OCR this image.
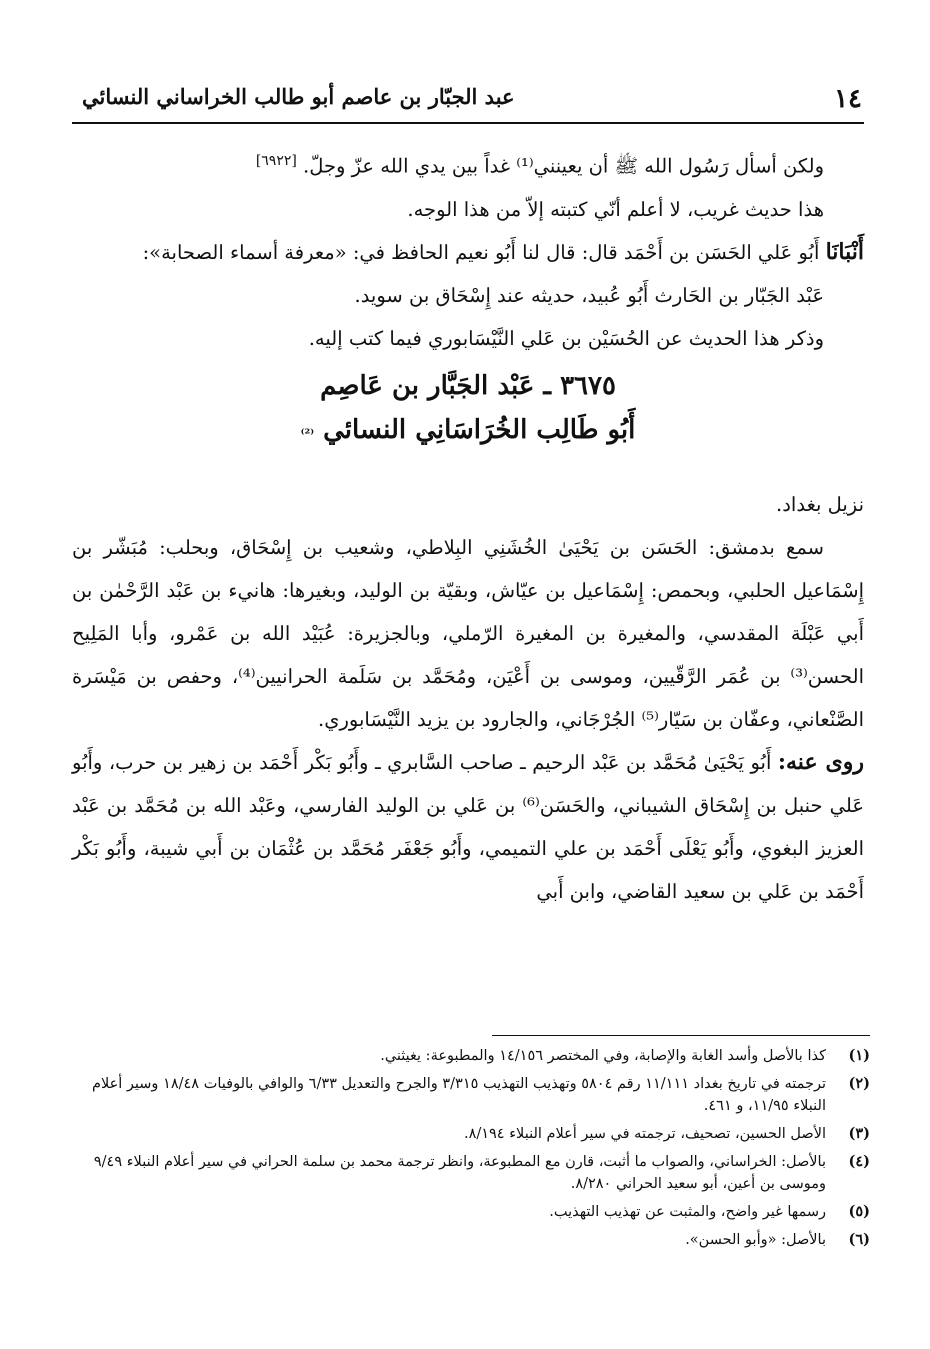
١٤
عبد الجبّار بن عاصم أبو طالب الخراساني النسائي

ولكن أسأل رَسُول الله ﷺ أن يعينني⁽¹⁾ غداً بين يدي الله عزّ وجلّ. [٦٩٢٢]

هذا حديث غريب، لا أعلم أنّي كتبته إلاّ من هذا الوجه.

أَنْبَانَا أَبُو عَلي الحَسَن بن أَحْمَد قال: قال لنا أَبُو نعيم الحافظ في: «معرفة أسماء الصحابة»:

عَبْد الجَبّار بن الحَارث أَبُو عُبيد، حديثه عند إِسْحَاق بن سويد.

وذكر هذا الحديث عن الحُسَيْن بن عَلي النَّيْسَابوري فيما كتب إليه.

٣٦٧٥ ـ عَبْد الجَبَّار بن عَاصِم
أَبُو طَالِب الخُرَاسَانِي النسائي ⁽²⁾

نزيل بغداد.

سمع بدمشق: الحَسَن بن يَحْيَىٰ الخُشَنِي البِلاطي، وشعيب بن إِسْحَاق، وبحلب: مُبَشّر بن إِسْمَاعيل الحلبي، وبحمص: إِسْمَاعيل بن عيّاش، وبقيّة بن الوليد، وبغيرها: هانيء بن عَبْد الرَّحْمٰن بن أَبي عَبْلَة المقدسي، والمغيرة بن المغيرة الرّملي، وبالجزيرة: عُبَيْد الله بن عَمْرو، وأبا المَلِيح الحسن⁽³⁾ بن عُمَر الرَّقّيين، وموسى بن أَعْيَن، ومُحَمَّد بن سَلَمة الحرانيين⁽⁴⁾، وحفص بن مَيْسَرة الصَّنْعاني، وعفّان بن سَيّار⁽⁵⁾ الجُرْجَاني، والجارود بن يزيد النَّيْسَابوري.

روى عنه: أَبُو يَحْيَىٰ مُحَمَّد بن عَبْد الرحيم ـ صاحب السَّابري ـ وأَبُو بَكْر أَحْمَد بن زهير بن حرب، وأَبُو عَلي حنبل بن إِسْحَاق الشيباني، والحَسَن⁽⁶⁾ بن عَلي بن الوليد الفارسي، وعَبْد الله بن مُحَمَّد بن عَبْد العزيز البغوي، وأَبُو يَعْلَى أَحْمَد بن علي التميمي، وأَبُو جَعْفَر مُحَمَّد بن عُثْمَان بن أَبي شيبة، وأَبُو بَكْر أَحْمَد بن عَلي بن سعيد القاضي، وابن أَبي

(١)
كذا بالأصل وأسد الغابة والإصابة، وفي المختصر ١٤/١٥٦ والمطبوعة: يغيثني.
(٢)
ترجمته في تاريخ بغداد ١١/١١١ رقم ٥٨٠٤ وتهذيب التهذيب ٣/٣١٥ والجرح والتعديل ٦/٣٣ والوافي بالوفيات ١٨/٤٨ وسير أعلام النبلاء ١١/٩٥، و ٤٦١.
(٣)
الأصل الحسين، تصحيف، ترجمته في سير أعلام النبلاء ٨/١٩٤.
(٤)
بالأصل: الخراساني، والصواب ما أثبت، قارن مع المطبوعة، وانظر ترجمة محمد بن سلمة الحراني في سير أعلام النبلاء ٩/٤٩ وموسى بن أعين، أبو سعيد الحراني ٨/٢٨٠.
(٥)
رسمها غير واضح، والمثبت عن تهذيب التهذيب.
(٦)
بالأصل: «وأبو الحسن».
